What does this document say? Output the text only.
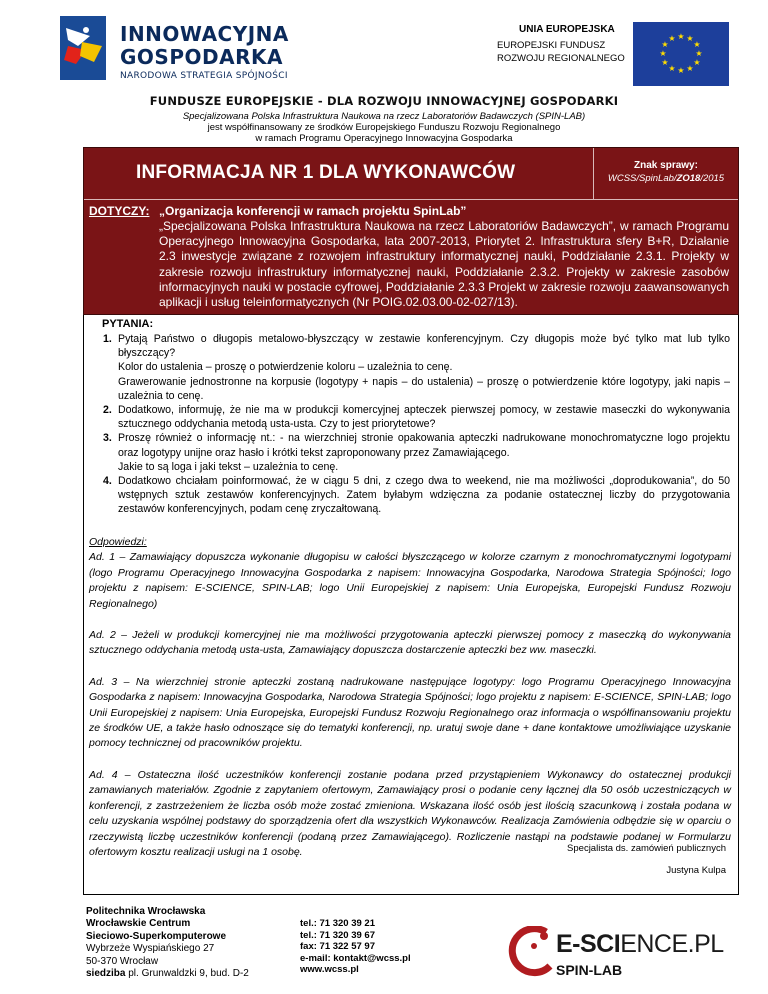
INNOWACYJNA
GOSPODARKA
NARODOWA STRATEGIA SPÓJNOŚCI
UNIA EUROPEJSKA
EUROPEJSKI FUNDUSZ
ROZWOJU REGIONALNEGO
★ ★
★
★
★
★
★
★
★
★
★
★
FUNDUSZE EUROPEJSKIE - DLA ROZWOJU INNOWACYJNEJ GOSPODARKI
Specjalizowana Polska Infrastruktura Naukowa na rzecz Laboratoriów Badawczych (SPIN-LAB)
jest współfinansowany ze środków Europejskiego Funduszu Rozwoju Regionalnego
w ramach Programu Operacyjnego Innowacyjna Gospodarka
INFORMACJA NR 1 DLA WYKONAWCÓW	Znak sprawy:
WCSS/SpinLab/ZO18/2015
DOTYCZY: „Organizacja konferencji w ramach projektu SpinLab”
„Specjalizowana Polska Infrastruktura Naukowa na rzecz Laboratoriów Badawczych”, w ramach Programu Operacyjnego Innowacyjna Gospodarka, lata 2007-2013, Priorytet 2. Infrastruktura sfery B+R, Działanie 2.3 inwestycje związane z rozwojem infrastruktury informatycznej nauki, Poddziałanie 2.3.1. Projekty w zakresie rozwoju infrastruktury informatycznej nauki, Poddziałanie 2.3.2. Projekty w zakresie zasobów informacyjnych nauki w postacie cyfrowej, Poddziałanie 2.3.3 Projekt w zakresie rozwoju zaawansowanych aplikacji i usług teleinformatycznych (Nr POIG.02.03.00-02-027/13).
PYTANIA:
1. Pytają Państwo o długopis metalowo-błyszczący w zestawie konferencyjnym. Czy długopis może być tylko mat lub tylko błyszczący?

Kolor do ustalenia – proszę o potwierdzenie koloru – uzależnia to cenę.

Grawerowanie jednostronne na korpusie (logotypy + napis – do ustalenia) – proszę o potwierdzenie które logotypy, jaki napis – uzależnia to cenę.

2. Dodatkowo, informuję, że nie ma w produkcji komercyjnej apteczek pierwszej pomocy, w zestawie maseczki do wykonywania sztucznego oddychania metodą usta-usta. Czy to jest priorytetowe?

3. Proszę również o informację nt.: - na wierzchniej stronie opakowania apteczki nadrukowane monochromatyczne logo projektu oraz logotypy unijne oraz hasło i krótki tekst zaproponowany przez Zamawiającego.

Jakie to są loga i jaki tekst – uzależnia to cenę.

4. Dodatkowo chciałam poinformować, że w ciągu 5 dni, z czego dwa to weekend, nie ma możliwości „doprodukowania”, do 50 wstępnych sztuk zestawów konferencyjnych. Zatem byłabym wdzięczna za podanie ostatecznej liczby do przygotowania zestawów konferencyjnych, podam cenę zryczałtowaną.

Odpowiedzi:

Ad. 1 – Zamawiający dopuszcza wykonanie długopisu w całości błyszczącego w kolorze czarnym z monochromatycznymi logotypami (logo Programu Operacyjnego Innowacyjna Gospodarka z napisem: Innowacyjna Gospodarka, Narodowa Strategia Spójności; logo projektu z napisem: E-SCIENCE, SPIN-LAB; logo Unii Europejskiej z napisem: Unia Europejska, Europejski Fundusz Rozwoju Regionalnego)

Ad. 2 – Jeżeli w produkcji komercyjnej nie ma możliwości przygotowania apteczki pierwszej pomocy z maseczką do wykonywania sztucznego oddychania metodą usta-usta, Zamawiający dopuszcza dostarczenie apteczki bez ww. maseczki.

Ad. 3 – Na wierzchniej stronie apteczki zostaną nadrukowane następujące logotypy: logo Programu Operacyjnego Innowacyjna Gospodarka z napisem: Innowacyjna Gospodarka, Narodowa Strategia Spójności; logo projektu z napisem: E-SCIENCE, SPIN-LAB; logo Unii Europejskiej z napisem: Unia Europejska, Europejski Fundusz Rozwoju Regionalnego oraz informacja o współfinansowaniu projektu ze środków UE, a także hasło odnoszące się do tematyki konferencji, np. uratuj swoje dane + dane kontaktowe umożliwiające uzyskanie pomocy technicznej od pracowników projektu.

Ad. 4 – Ostateczna ilość uczestników konferencji zostanie podana przed przystąpieniem Wykonawcy do ostatecznej produkcji zamawianych materiałów. Zgodnie z zapytaniem ofertowym, Zamawiający prosi o podanie ceny łącznej dla 50 osób uczestniczących w konferencji, z zastrzeżeniem że liczba osób może zostać zmieniona. Wskazana ilość osób jest ilością szacunkową i została podana w celu uzyskania wspólnej podstawy do sporządzenia ofert dla wszystkich Wykonawców. Realizacja Zamówienia odbędzie się w oparciu o rzeczywistą liczbę uczestników konferencji (podaną przez Zamawiającego). Rozliczenie nastąpi na podstawie podanej w Formularzu ofertowym kosztu realizacji usługi na 1 osobę.	Specjalista ds. zamówień publicznych
Justyna Kulpa
Politechnika Wrocławska
Wrocławskie Centrum
Sieciowo-Superkomputerowe
Wybrzeże Wyspiańskiego 27
50-370 Wrocław
siedziba pl. Grunwaldzki 9, bud. D-2
tel.: 71 320 39 21
tel.: 71 320 39 67
fax: 71 322 57 97
e-mail: kontakt@wcss.pl
www.wcss.pl
E-SCIENCE.PL
SPIN-LAB
